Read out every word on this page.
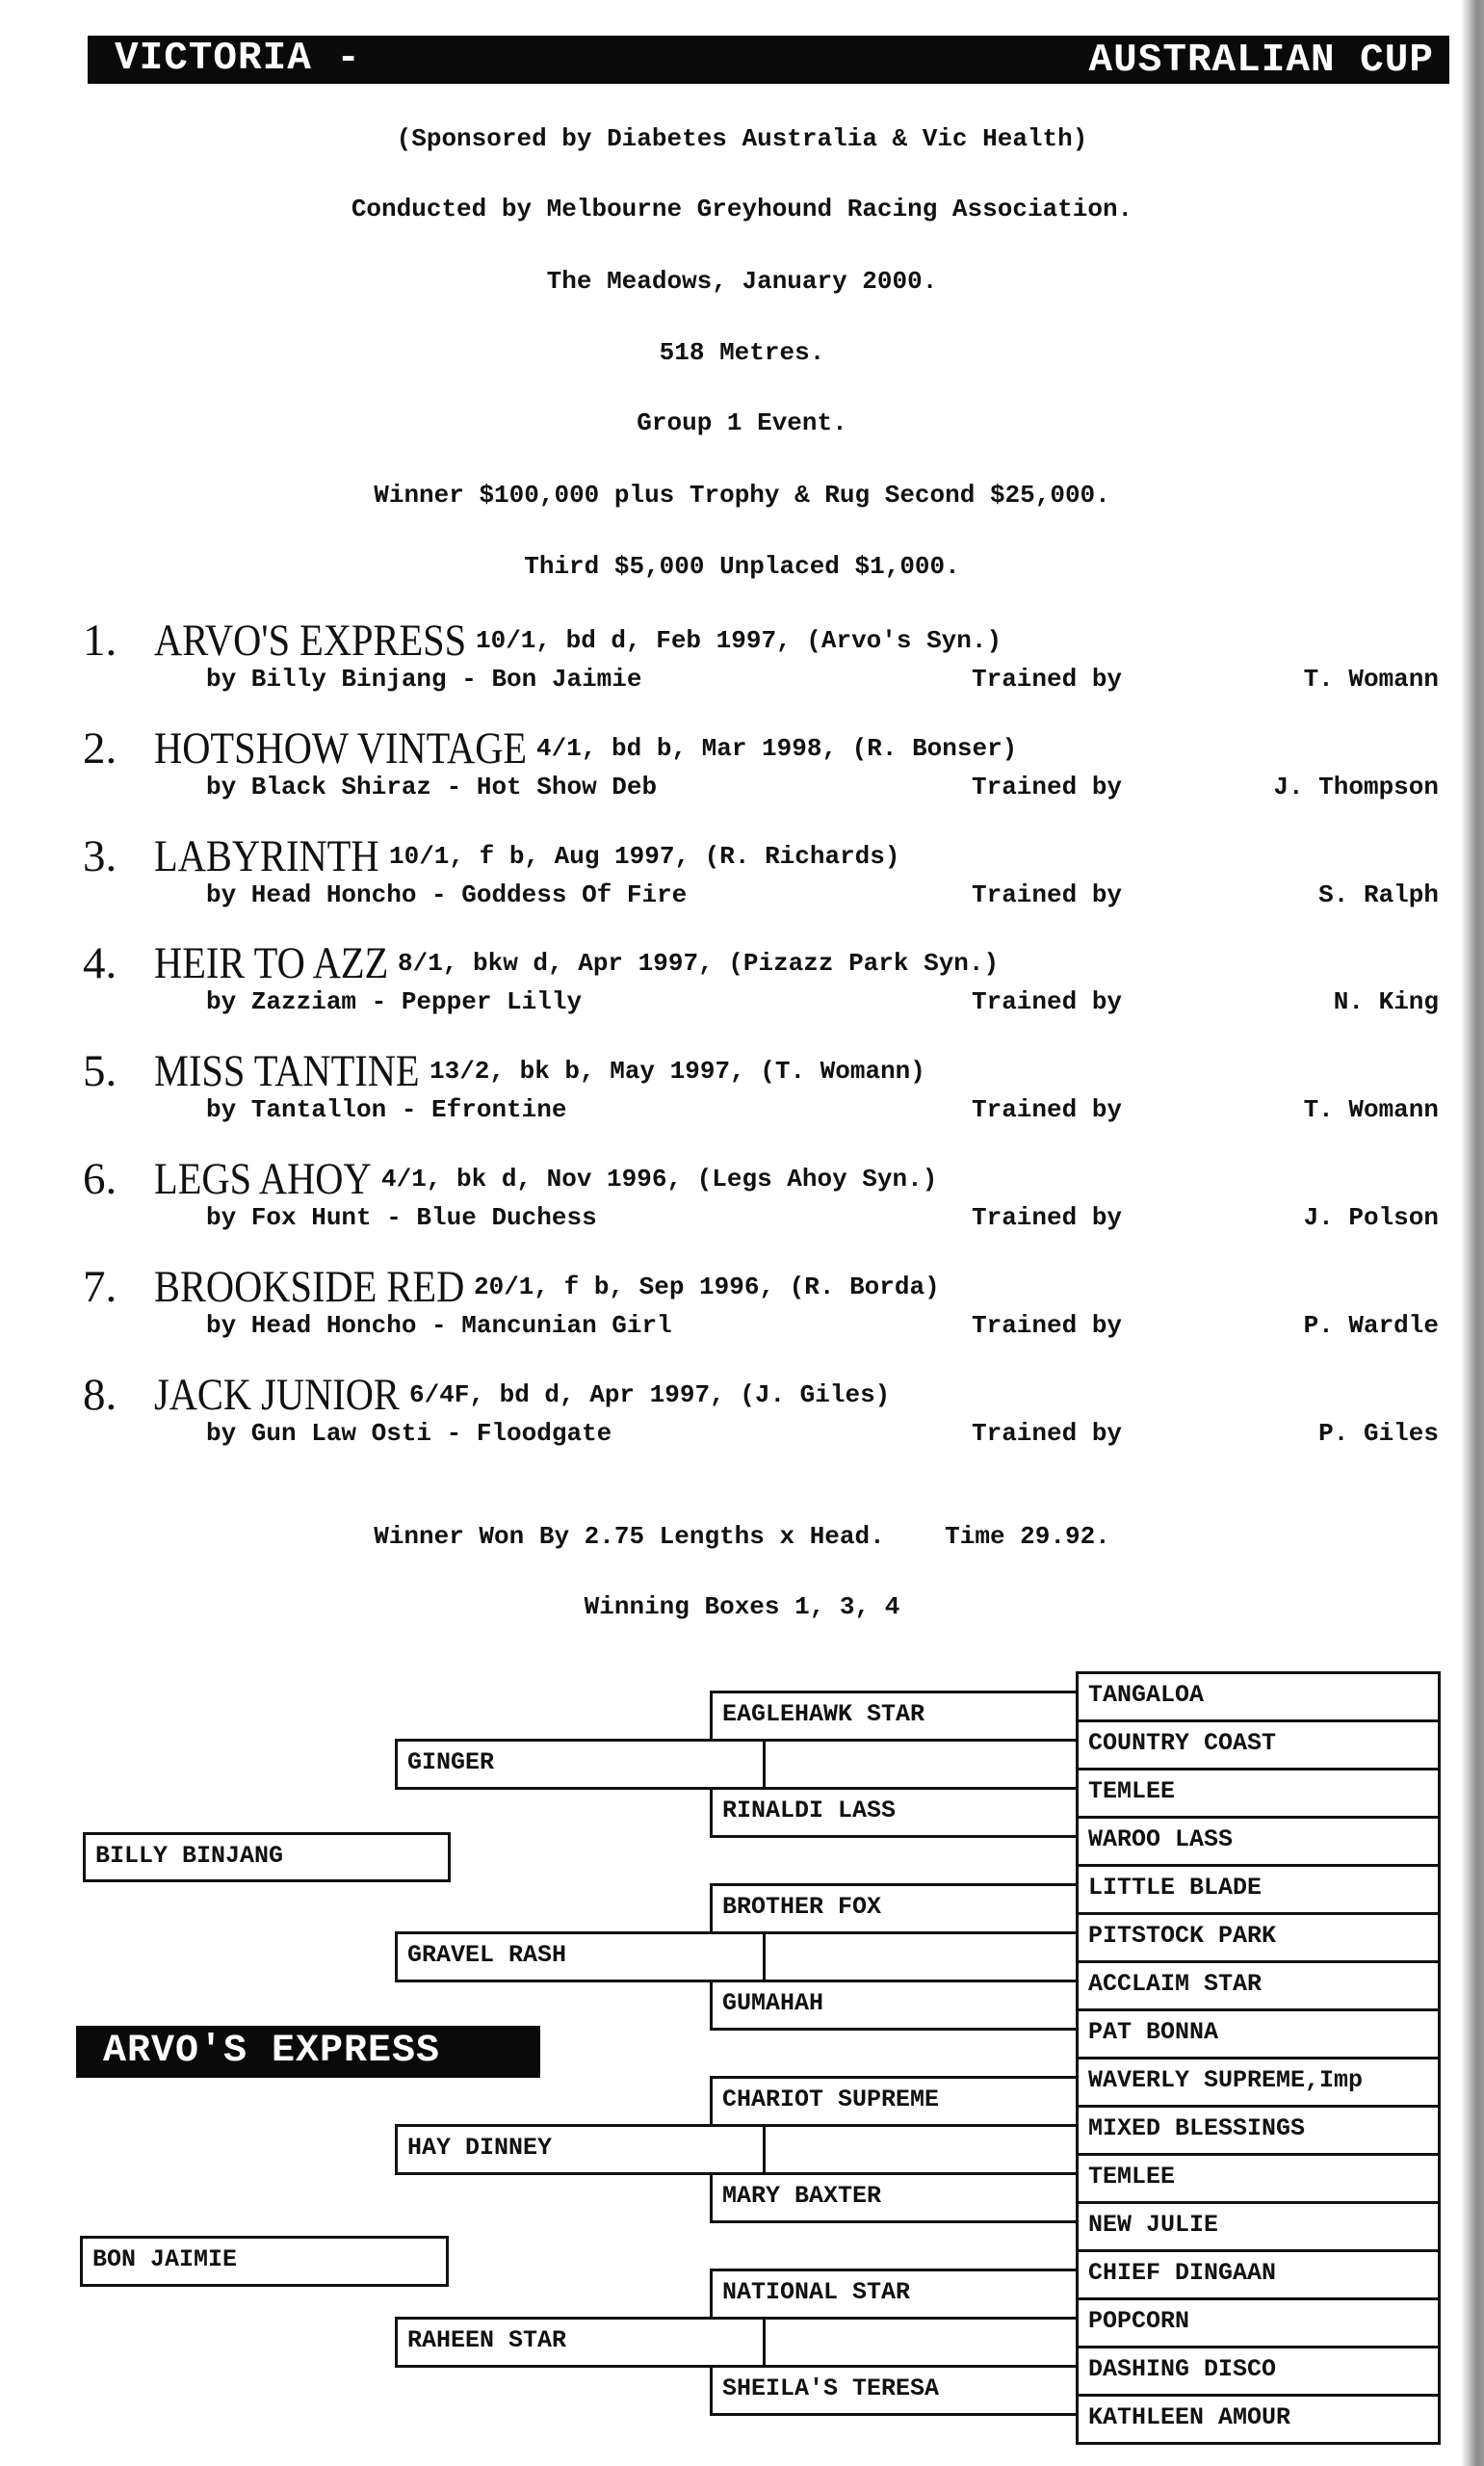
VICTORIA -	AUSTRALIAN CUP
(Sponsored by Diabetes Australia & Vic Health)
Conducted by Melbourne Greyhound Racing Association.
The Meadows, January 2000.
518 Metres.
Group 1 Event.
Winner $100,000 plus Trophy & Rug Second $25,000.
Third $5,000 Unplaced $1,000.
1. ARVO'S EXPRESS 10/1, bd d, Feb 1997, (Arvo's Syn.)
by Billy Binjang - Bon Jaimie	Trained by	T. Womann
2. HOTSHOW VINTAGE 4/1, bd b, Mar 1998, (R. Bonser)
by Black Shiraz - Hot Show Deb	Trained by	J. Thompson
3. LABYRINTH 10/1, f b, Aug 1997, (R. Richards)
by Head Honcho - Goddess Of Fire	Trained by	S. Ralph
4. HEIR TO AZZ 8/1, bkw d, Apr 1997, (Pizazz Park Syn.)
by Zazziam - Pepper Lilly	Trained by	N. King
5. MISS TANTINE 13/2, bk b, May 1997, (T. Womann)
by Tantallon - Efrontine	Trained by	T. Womann
6. LEGS AHOY 4/1, bk d, Nov 1996, (Legs Ahoy Syn.)
by Fox Hunt - Blue Duchess	Trained by	J. Polson
7. BROOKSIDE RED 20/1, f b, Sep 1996, (R. Borda)
by Head Honcho - Mancunian Girl	Trained by	P. Wardle
8. JACK JUNIOR 6/4F, bd d, Apr 1997, (J. Giles)
by Gun Law Osti - Floodgate	Trained by	P. Giles
Winner Won By 2.75 Lengths x Head. Time 29.92.
Winning Boxes 1, 3, 4
ARVO'S EXPRESS
TANGALOA
COUNTRY COAST
TEMLEE
WAROO LASS
LITTLE BLADE
PITSTOCK PARK
ACCLAIM STAR
PAT BONNA
WAVERLY SUPREME,Imp
MIXED BLESSINGS
TEMLEE
NEW JULIE
CHIEF DINGAAN
POPCORN
DASHING DISCO
KATHLEEN AMOUR
EAGLEHAWK STAR
RINALDI LASS
BROTHER FOX
GUMAHAH
CHARIOT SUPREME
MARY BAXTER
NATIONAL STAR
SHEILA'S TERESA
GINGER
GRAVEL RASH
HAY DINNEY
RAHEEN STAR
BILLY BINJANG
BON JAIMIE
